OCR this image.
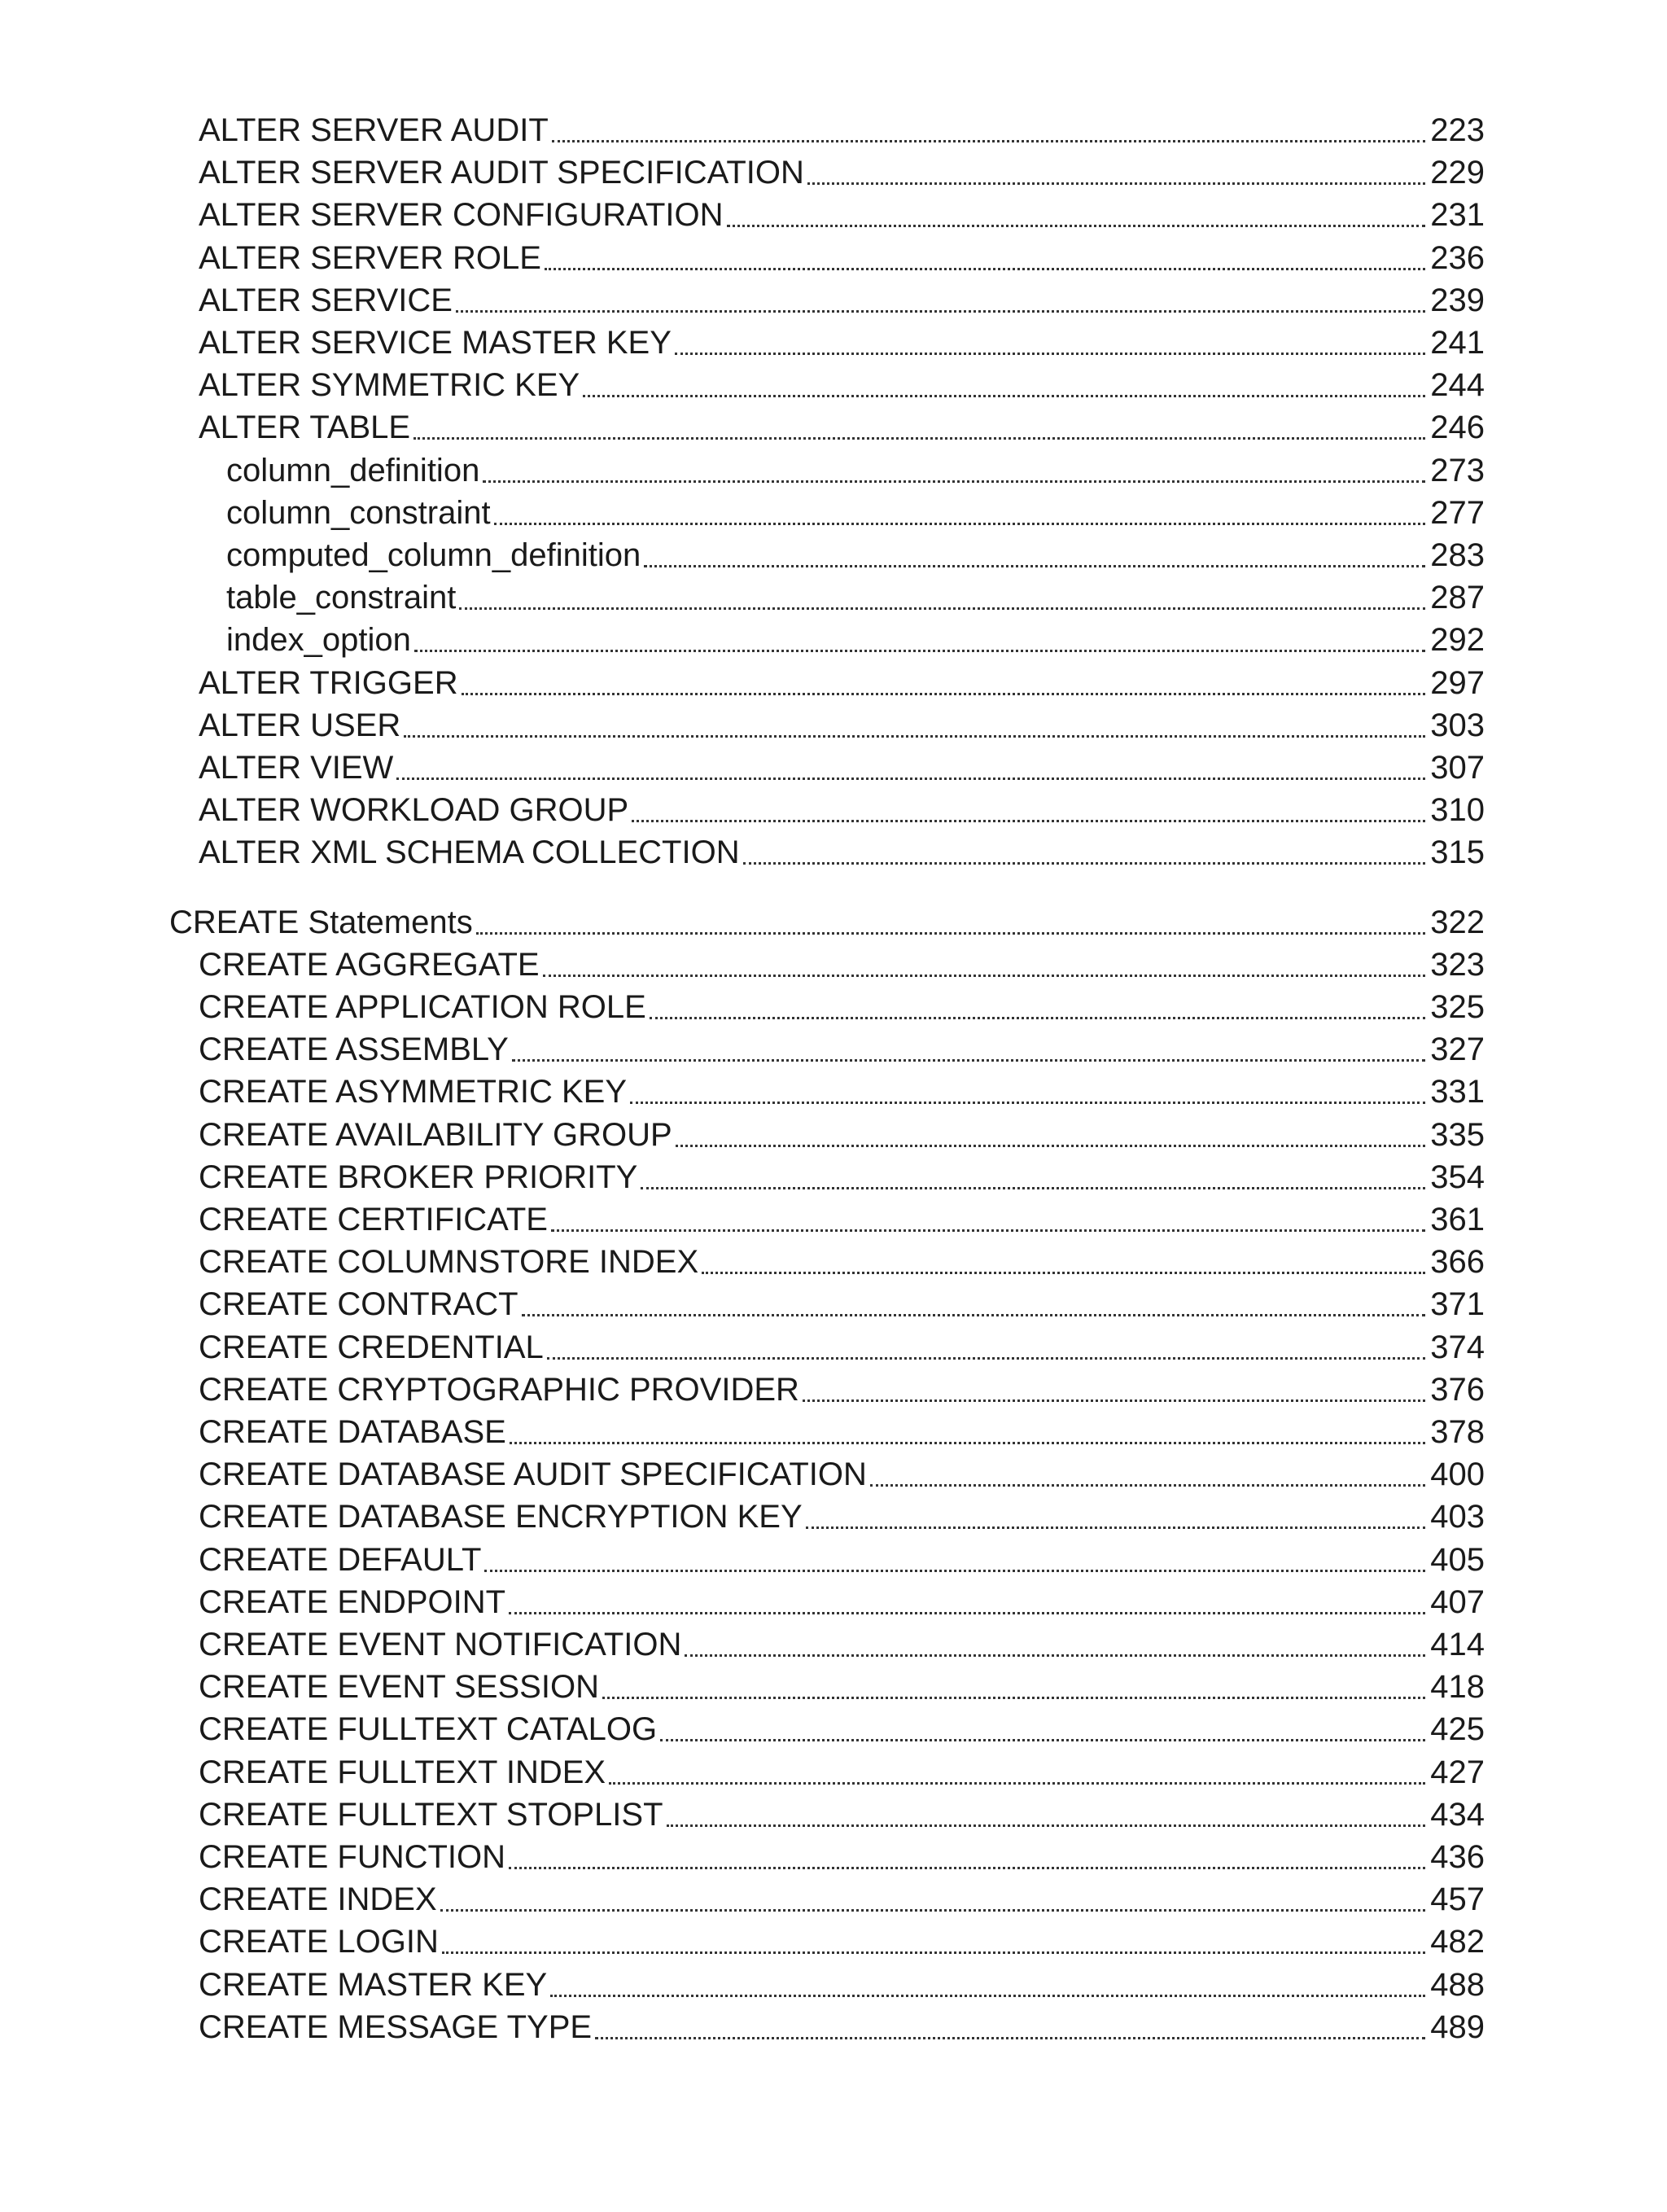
ALTER SERVER AUDIT	223
ALTER SERVER AUDIT SPECIFICATION	229
ALTER SERVER CONFIGURATION	231
ALTER SERVER ROLE	236
ALTER SERVICE	239
ALTER SERVICE MASTER KEY	241
ALTER SYMMETRIC KEY	244
ALTER TABLE	246
column_definition	273
column_constraint	277
computed_column_definition	283
table_constraint	287
index_option	292
ALTER TRIGGER	297
ALTER USER	303
ALTER VIEW	307
ALTER WORKLOAD GROUP	310
ALTER XML SCHEMA COLLECTION	315
CREATE Statements	322
CREATE AGGREGATE	323
CREATE APPLICATION ROLE	325
CREATE ASSEMBLY	327
CREATE ASYMMETRIC KEY	331
CREATE AVAILABILITY GROUP	335
CREATE BROKER PRIORITY	354
CREATE CERTIFICATE	361
CREATE COLUMNSTORE INDEX	366
CREATE CONTRACT	371
CREATE CREDENTIAL	374
CREATE CRYPTOGRAPHIC PROVIDER	376
CREATE DATABASE	378
CREATE DATABASE AUDIT SPECIFICATION	400
CREATE DATABASE ENCRYPTION KEY	403
CREATE DEFAULT	405
CREATE ENDPOINT	407
CREATE EVENT NOTIFICATION	414
CREATE EVENT SESSION	418
CREATE FULLTEXT CATALOG	425
CREATE FULLTEXT INDEX	427
CREATE FULLTEXT STOPLIST	434
CREATE FUNCTION	436
CREATE INDEX	457
CREATE LOGIN	482
CREATE MASTER KEY	488
CREATE MESSAGE TYPE	489
